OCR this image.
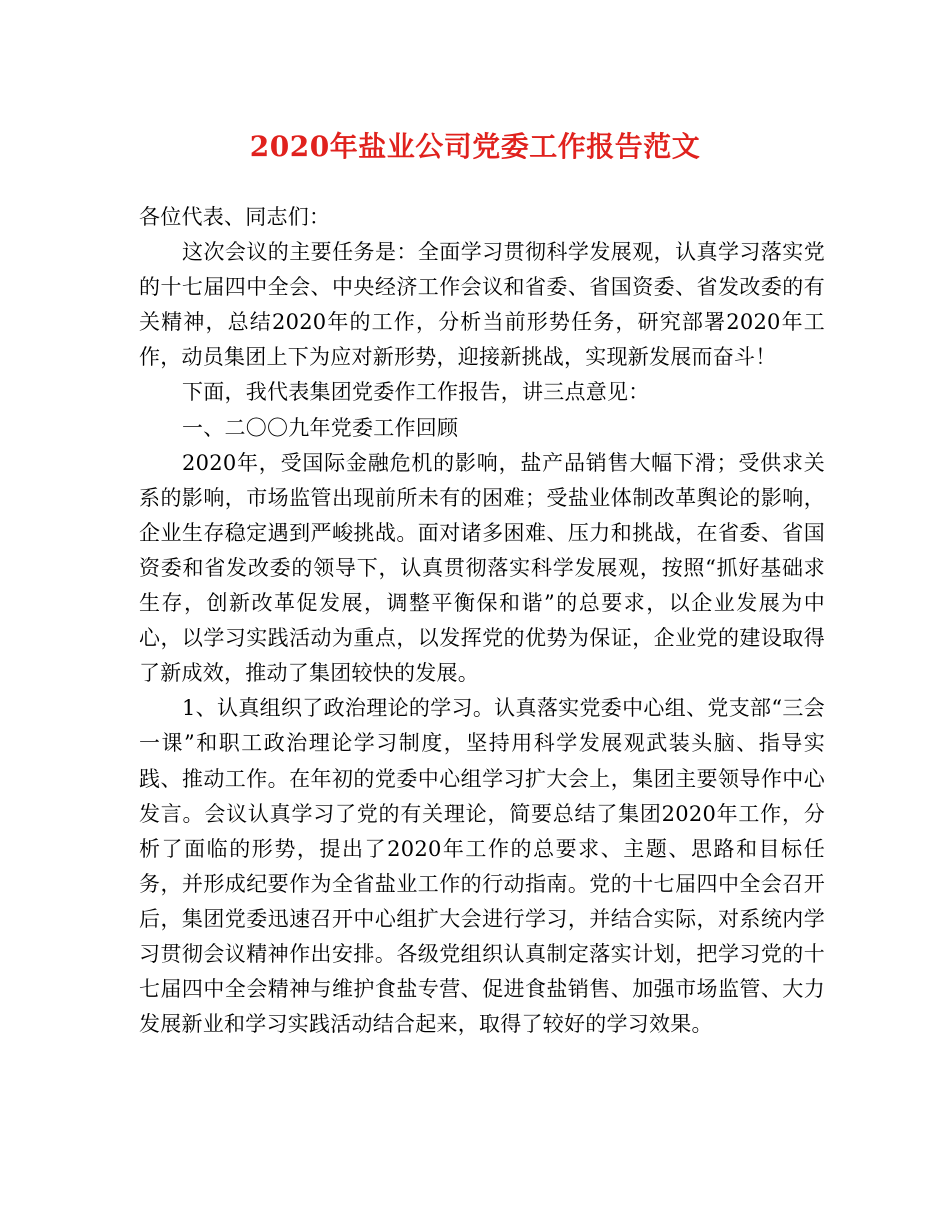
2020年盐业公司党委工作报告范文

各位代表、同志们：

这次会议的主要任务是：全面学习贯彻科学发展观，认真学习落实党的十七届四中全会、中央经济工作会议和省委、省国资委、省发改委的有关精神，总结2020年的工作，分析当前形势任务，研究部署2020年工作，动员集团上下为应对新形势，迎接新挑战，实现新发展而奋斗！

下面，我代表集团党委作工作报告，讲三点意见：

一、二〇〇九年党委工作回顾

2020年，受国际金融危机的影响，盐产品销售大幅下滑；受供求关系的影响，市场监管出现前所未有的困难；受盐业体制改革舆论的影响，企业生存稳定遇到严峻挑战。面对诸多困难、压力和挑战，在省委、省国资委和省发改委的领导下，认真贯彻落实科学发展观，按照“抓好基础求生存，创新改革促发展，调整平衡保和谐”的总要求，以企业发展为中心，以学习实践活动为重点，以发挥党的优势为保证，企业党的建设取得了新成效，推动了集团较快的发展。

1、认真组织了政治理论的学习。认真落实党委中心组、党支部“三会一课”和职工政治理论学习制度，坚持用科学发展观武装头脑、指导实践、推动工作。在年初的党委中心组学习扩大会上，集团主要领导作中心发言。会议认真学习了党的有关理论，简要总结了集团2020年工作，分析了面临的形势，提出了2020年工作的总要求、主题、思路和目标任务，并形成纪要作为全省盐业工作的行动指南。党的十七届四中全会召开后，集团党委迅速召开中心组扩大会进行学习，并结合实际，对系统内学习贯彻会议精神作出安排。各级党组织认真制定落实计划，把学习党的十七届四中全会精神与维护食盐专营、促进食盐销售、加强市场监管、大力发展新业和学习实践活动结合起来，取得了较好的学习效果。
